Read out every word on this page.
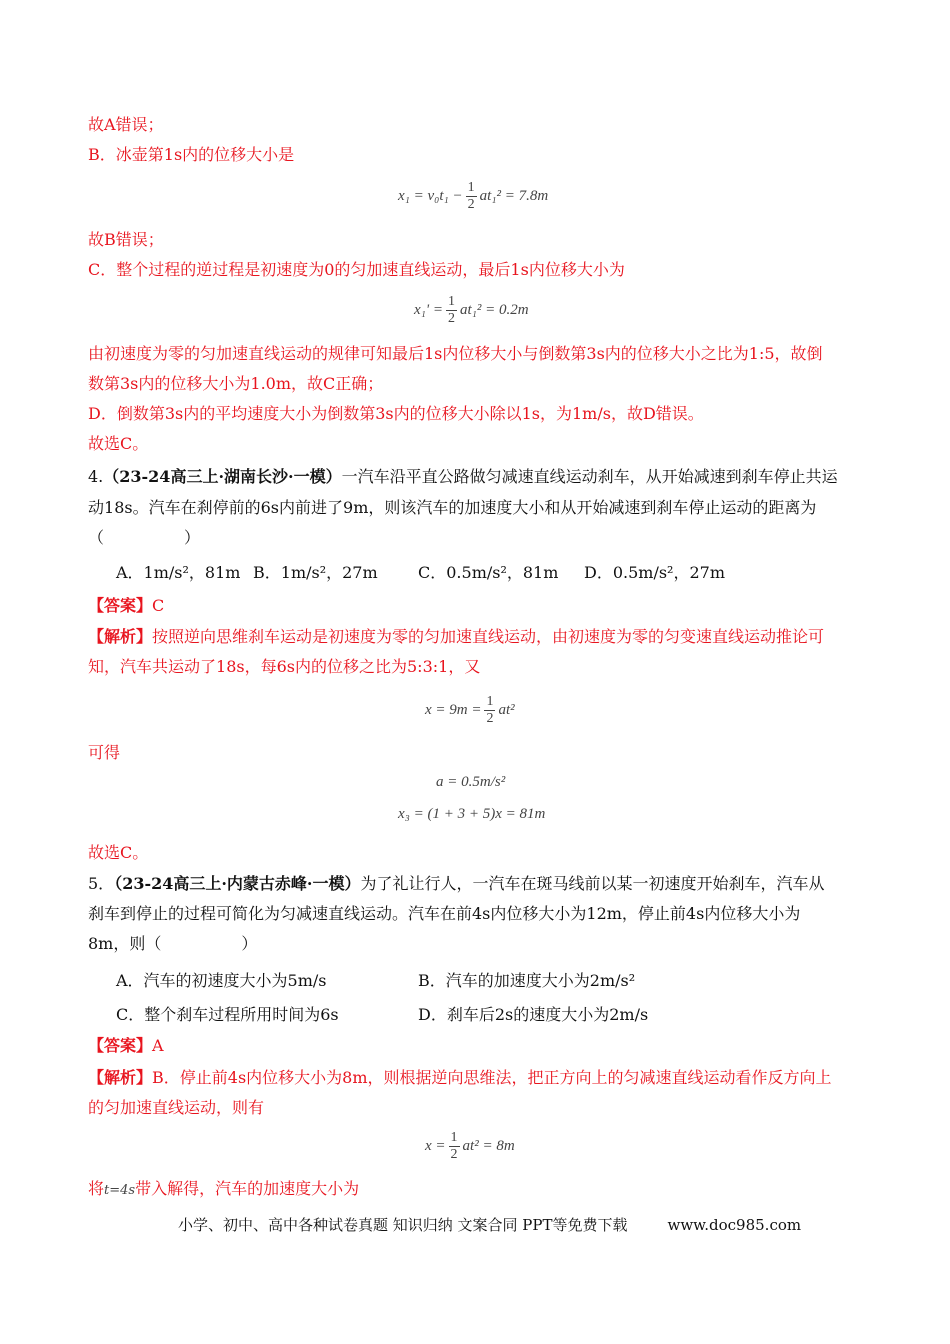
故A错误；
B．冰壶第1s内的位移大小是
$x_1 = v_0t_1 - \frac{1}{2} at_1^2 = 7.8m$
故B错误；
C．整个过程的逆过程是初速度为0的匀加速直线运动，最后1s内位移大小为
$x_1' = \frac{1}{2} at_1^2 = 0.2m$
由初速度为零的匀加速直线运动的规律可知最后1s内位移大小与倒数第3s内的位移大小之比为1:5，故倒
数第3s内的位移大小为1.0m，故C正确；
D．倒数第3s内的平均速度大小为倒数第3s内的位移大小除以1s，为1m/s，故D错误。
故选C。
4.（23-24高三上·湖南长沙·一模）一汽车沿平直公路做匀减速直线运动刹车，从开始减速到刹车停止共运
动18s。汽车在刹停前的6s内前进了9m，则该汽车的加速度大小和从开始减速到刹车停止运动的距离为
（　　　　　）
A．1m/s²，81m B．1m/s²，27m	C．0.5m/s²，81m D．0.5m/s²，27m
【答案】C
【解析】按照逆向思维刹车运动是初速度为零的匀加速直线运动，由初速度为零的匀变速直线运动推论可
知，汽车共运动了18s，每6s内的位移之比为5:3:1，又
$x = 9m = \frac{1}{2} at^2$
可得
a = 0.5m/s²
x₃ = (1 + 3 + 5)x = 81m
故选C。
5．（23-24高三上·内蒙古赤峰·一模）为了礼让行人，一汽车在斑马线前以某一初速度开始刹车，汽车从
刹车到停止的过程可简化为匀减速直线运动。汽车在前4s内位移大小为12m，停止前4s内位移大小为
8m，则（　　　　　）
A．汽车的初速度大小为5m/s	B．汽车的加速度大小为2m/s²
C．整个刹车过程所用时间为6s	D．刹车后2s的速度大小为2m/s
【答案】A
【解析】B．停止前4s内位移大小为8m，则根据逆向思维法，把正方向上的匀减速直线运动看作反方向上
的匀加速直线运动，则有
$x = \frac{1}{2} at^2 = 8m$
将t=4s带入解得，汽车的加速度大小为
小学、初中、高中各种试卷真题 知识归纳 文案合同 PPT等免费下载	www.doc985.com
